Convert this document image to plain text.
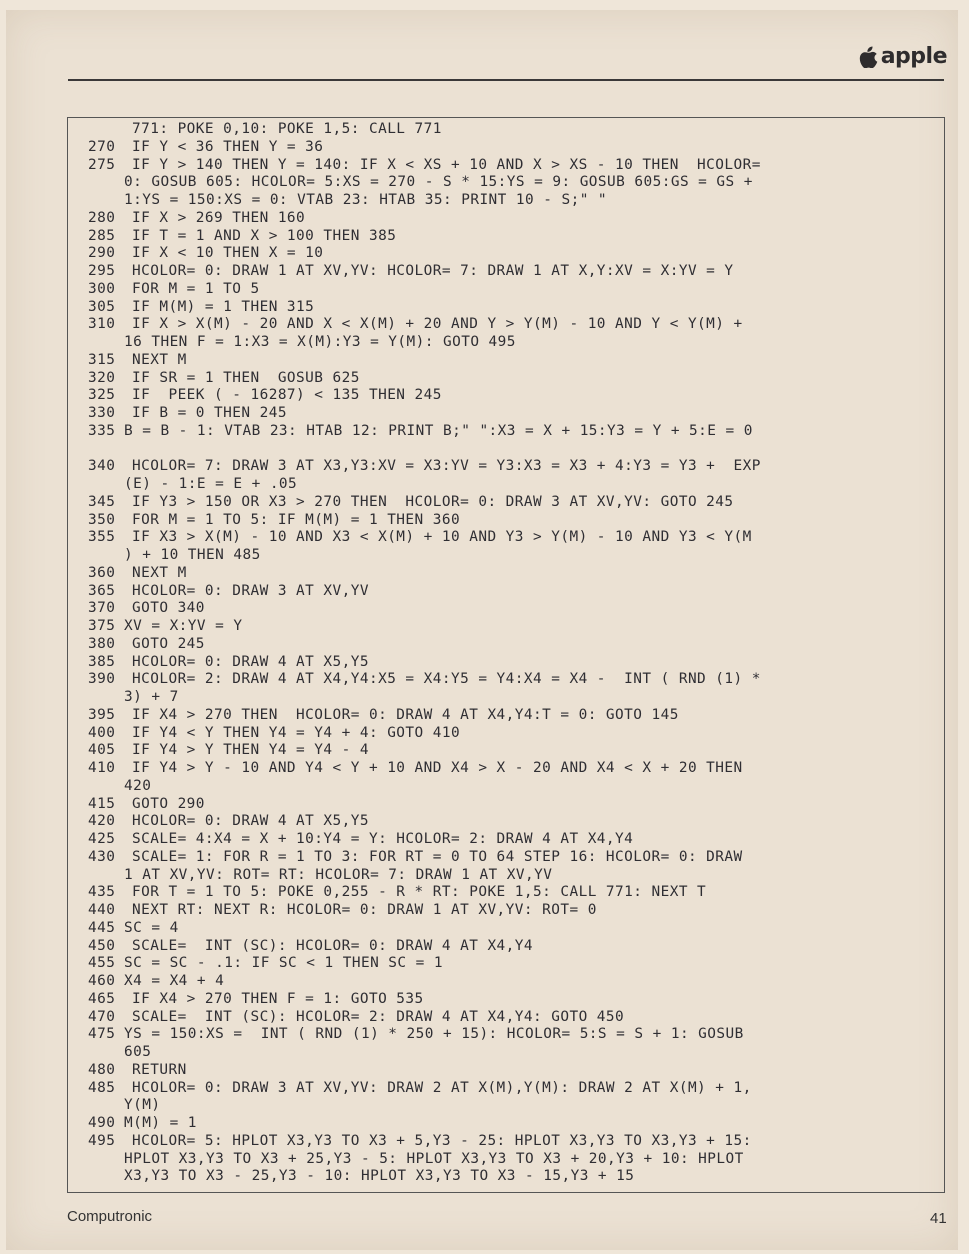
apple
771: POKE 0,10: POKE 1,5: CALL 771
270	IF Y < 36 THEN Y = 36
275	IF Y > 140 THEN Y = 140: IF X < XS + 10 AND X > XS - 10 THEN  HCOLOR=
0: GOSUB 605: HCOLOR= 5:XS = 270 - S * 15:YS = 9: GOSUB 605:GS = GS +
1:YS = 150:XS = 0: VTAB 23: HTAB 35: PRINT 10 - S;" "
280	IF X > 269 THEN 160
285	IF T = 1 AND X > 100 THEN 385
290	IF X < 10 THEN X = 10
295	HCOLOR= 0: DRAW 1 AT XV,YV: HCOLOR= 7: DRAW 1 AT X,Y:XV = X:YV = Y
300	FOR M = 1 TO 5
305	IF M(M) = 1 THEN 315
310	IF X > X(M) - 20 AND X < X(M) + 20 AND Y > Y(M) - 10 AND Y < Y(M) +
16 THEN F = 1:X3 = X(M):Y3 = Y(M): GOTO 495
315	NEXT M
320	IF SR = 1 THEN  GOSUB 625
325	IF  PEEK ( - 16287) < 135 THEN 245
330	IF B = 0 THEN 245
335 B = B - 1: VTAB 23: HTAB 12: PRINT B;" ":X3 = X + 15:Y3 = Y + 5:E = 0
340	HCOLOR= 7: DRAW 3 AT X3,Y3:XV = X3:YV = Y3:X3 = X3 + 4:Y3 = Y3 +  EXP
(E) - 1:E = E + .05
345	IF Y3 > 150 OR X3 > 270 THEN  HCOLOR= 0: DRAW 3 AT XV,YV: GOTO 245
350	FOR M = 1 TO 5: IF M(M) = 1 THEN 360
355	IF X3 > X(M) - 10 AND X3 < X(M) + 10 AND Y3 > Y(M) - 10 AND Y3 < Y(M
) + 10 THEN 485
360	NEXT M
365	HCOLOR= 0: DRAW 3 AT XV,YV
370	GOTO 340
375 XV = X:YV = Y
380	GOTO 245
385	HCOLOR= 0: DRAW 4 AT X5,Y5
390	HCOLOR= 2: DRAW 4 AT X4,Y4:X5 = X4:Y5 = Y4:X4 = X4 -  INT ( RND (1) *
3) + 7
395	IF X4 > 270 THEN  HCOLOR= 0: DRAW 4 AT X4,Y4:T = 0: GOTO 145
400	IF Y4 < Y THEN Y4 = Y4 + 4: GOTO 410
405	IF Y4 > Y THEN Y4 = Y4 - 4
410	IF Y4 > Y - 10 AND Y4 < Y + 10 AND X4 > X - 20 AND X4 < X + 20 THEN
420
415	GOTO 290
420	HCOLOR= 0: DRAW 4 AT X5,Y5
425	SCALE= 4:X4 = X + 10:Y4 = Y: HCOLOR= 2: DRAW 4 AT X4,Y4
430	SCALE= 1: FOR R = 1 TO 3: FOR RT = 0 TO 64 STEP 16: HCOLOR= 0: DRAW
1 AT XV,YV: ROT= RT: HCOLOR= 7: DRAW 1 AT XV,YV
435	FOR T = 1 TO 5: POKE 0,255 - R * RT: POKE 1,5: CALL 771: NEXT T
440	NEXT RT: NEXT R: HCOLOR= 0: DRAW 1 AT XV,YV: ROT= 0
445 SC = 4
450	SCALE=  INT (SC): HCOLOR= 0: DRAW 4 AT X4,Y4
455 SC = SC - .1: IF SC < 1 THEN SC = 1
460 X4 = X4 + 4
465	IF X4 > 270 THEN F = 1: GOTO 535
470	SCALE=  INT (SC): HCOLOR= 2: DRAW 4 AT X4,Y4: GOTO 450
475 YS = 150:XS =  INT ( RND (1) * 250 + 15): HCOLOR= 5:S = S + 1: GOSUB
605
480	RETURN
485	HCOLOR= 0: DRAW 3 AT XV,YV: DRAW 2 AT X(M),Y(M): DRAW 2 AT X(M) + 1,
Y(M)
490 M(M) = 1
495	HCOLOR= 5: HPLOT X3,Y3 TO X3 + 5,Y3 - 25: HPLOT X3,Y3 TO X3,Y3 + 15:
HPLOT X3,Y3 TO X3 + 25,Y3 - 5: HPLOT X3,Y3 TO X3 + 20,Y3 + 10: HPLOT
X3,Y3 TO X3 - 25,Y3 - 10: HPLOT X3,Y3 TO X3 - 15,Y3 + 15
Computronic	41
